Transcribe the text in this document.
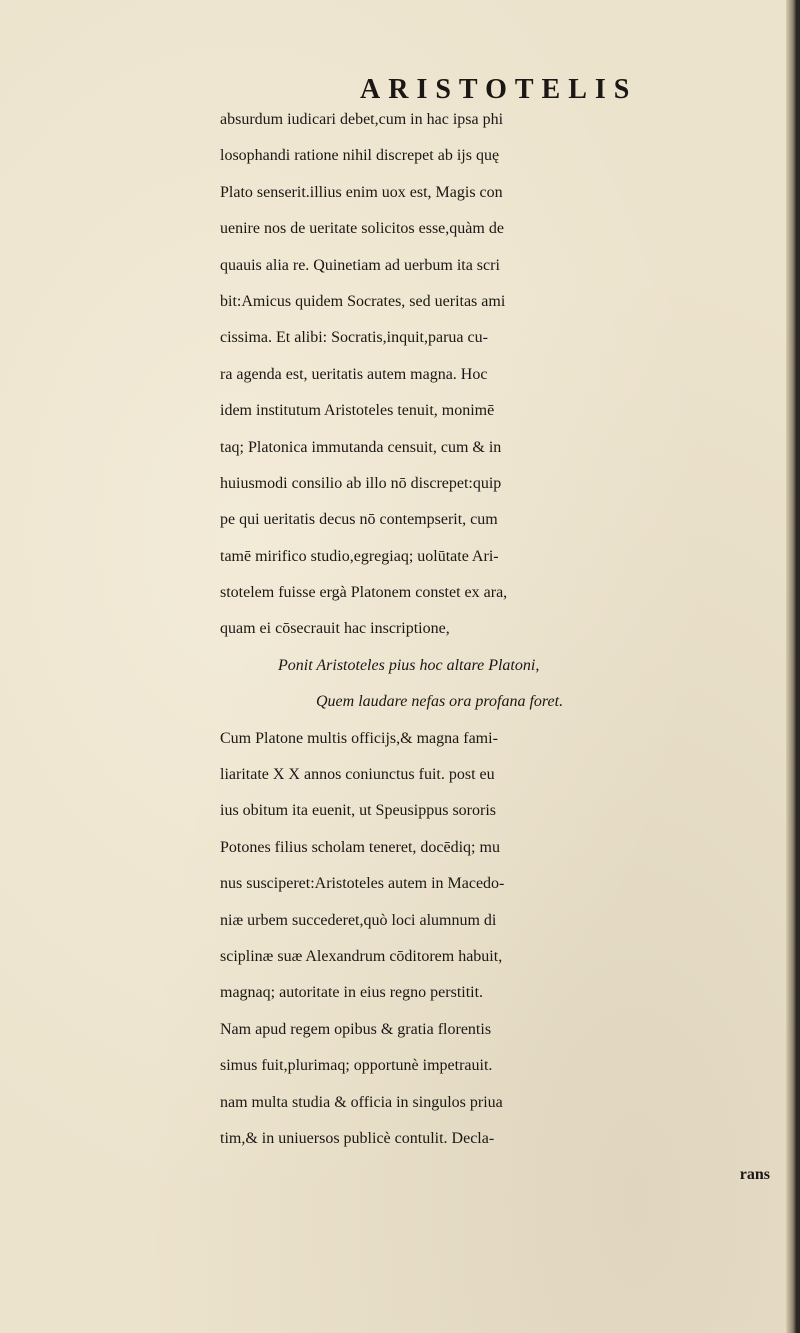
ARISTOTELIS
absurdum iudicari debet,cum in hac ipsa phi
losophandi ratione nihil discrepet ab ijs quę
Plato senserit.illius enim uox est, Magis con
uenire nos de ueritate solicitos esse,quàm de
quauis alia re. Quinetiam ad uerbum ita scri
bit:Amicus quidem Socrates, sed ueritas ami
cissima. Et alibi: Socratis,inquit,parua cu-
ra agenda est, ueritatis autem magna. Hoc
idem institutum Aristoteles tenuit, monimē
taq; Platonica immutanda censuit, cum & in
huiusmodi consilio ab illo nō discrepet:quip
pe qui ueritatis decus nō contempserit, cum
tamē mirifico studio,egregiaq; uolūtate Ari-
stotelem fuisse ergà Platonem constet ex ara,
quam ei cōsecrauit hac inscriptione,
Ponit Aristoteles pius hoc altare Platoni,
Quem laudare nefas ora profana foret.
Cum Platone multis officijs,& magna fami-
liaritate X X annos coniunctus fuit. post eu
ius obitum ita euenit, ut Speusippus sororis
Potones filius scholam teneret, docēdiq; mu
nus susciperet:Aristoteles autem in Macedo-
niæ urbem succederet,quò loci alumnum di
sciplinæ suæ Alexandrum cōditorem habuit,
magnaq; autoritate in eius regno perstitit.
Nam apud regem opibus & gratia florentis
simus fuit,plurimaq; opportunè impetrauit.
nam multa studia & officia in singulos priua
tim,& in uniuersos publicè contulit. Decla-
rans
